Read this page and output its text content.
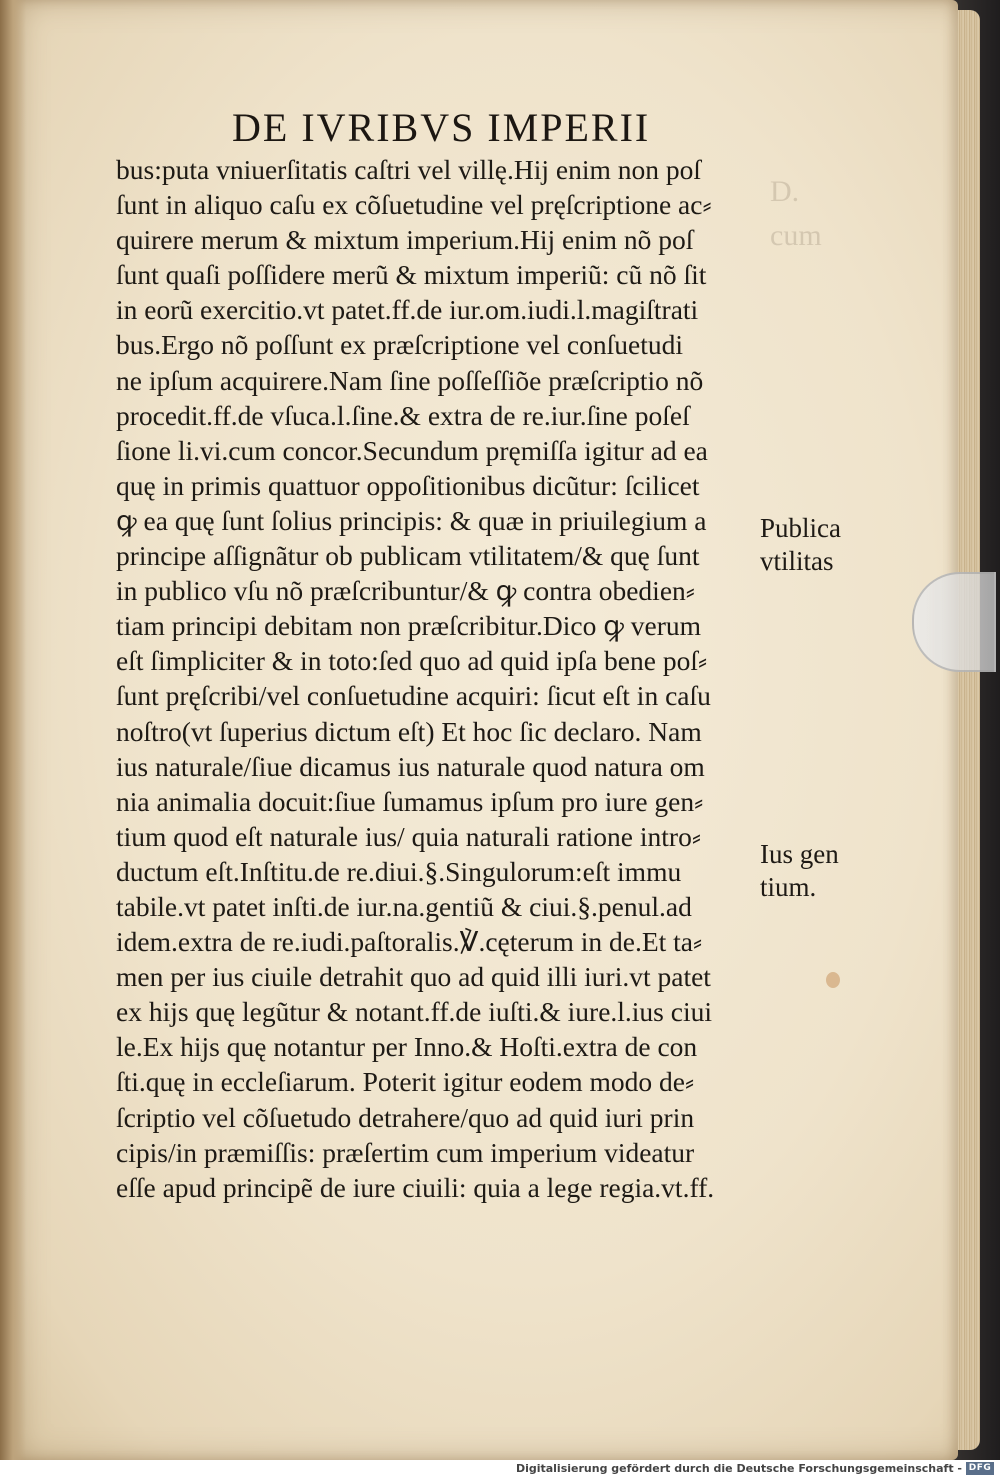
D.
cum

DE IVRIBVS IMPERII
bus:puta vniuerſitatis caſtri vel villę.Hij enim non poſ
ſunt in aliquo caſu ex cõſuetudine vel pręſcriptione ac⸗
quirere merum & mixtum imperium.Hij enim nõ poſ
ſunt quaſi poſſidere merũ & mixtum imperiũ: cũ nõ ſit
in eorũ exercitio.vt patet.ff.de iur.om.iudi.l.magiſtrati
bus.Ergo nõ poſſunt ex præſcriptione vel conſuetudi
ne ipſum acquirere.Nam ſine poſſeſſiõe præſcriptio nõ
procedit.ff.de vſuca.l.ſine.& extra de re.iur.ſine poſeſ
ſione li.vi.cum concor.Secundum pręmiſſa igitur ad ea
quę in primis quattuor oppoſitionibus dicũtur: ſcilicet
ꝙ ea quę ſunt ſolius principis: & quæ in priuilegium a
principe aſſignãtur ob publicam vtilitatem/& quę ſunt
in publico vſu nõ præſcribuntur/& ꝙ contra obedien⸗
tiam principi debitam non præſcribitur.Dico ꝙ verum
eſt ſimpliciter & in toto:ſed quo ad quid ipſa bene poſ⸗
ſunt pręſcribi/vel conſuetudine acquiri: ſicut eſt in caſu
noſtro(vt ſuperius dictum eſt) Et hoc ſic declaro. Nam
ius naturale/ſiue dicamus ius naturale quod natura om
nia animalia docuit:ſiue ſumamus ipſum pro iure gen⸗
tium quod eſt naturale ius/ quia naturali ratione intro⸗
ductum eſt.Inſtitu.de re.diui.§.Singulorum:eſt immu
tabile.vt patet inſti.de iur.na.gentiũ & ciui.§.penul.ad
idem.extra de re.iudi.paſtoralis.℣.cęterum in de.Et ta⸗
men per ius ciuile detrahit quo ad quid illi iuri.vt patet
ex hijs quę legũtur & notant.ff.de iuſti.& iure.l.ius ciui
le.Ex hijs quę notantur per Inno.& Hoſti.extra de con
ſti.quę in eccleſiarum. Poterit igitur eodem modo de⸗
ſcriptio vel cõſuetudo detrahere/quo ad quid iuri prin
cipis/in præmiſſis: præſertim cum imperium videatur
eſſe apud principẽ de iure ciuili: quia a lege regia.vt.ff.
Publica
vtilitas
Ius gen
tium.
Digitalisierung gefördert durch die Deutsche Forschungsgemeinschaft - DFG
